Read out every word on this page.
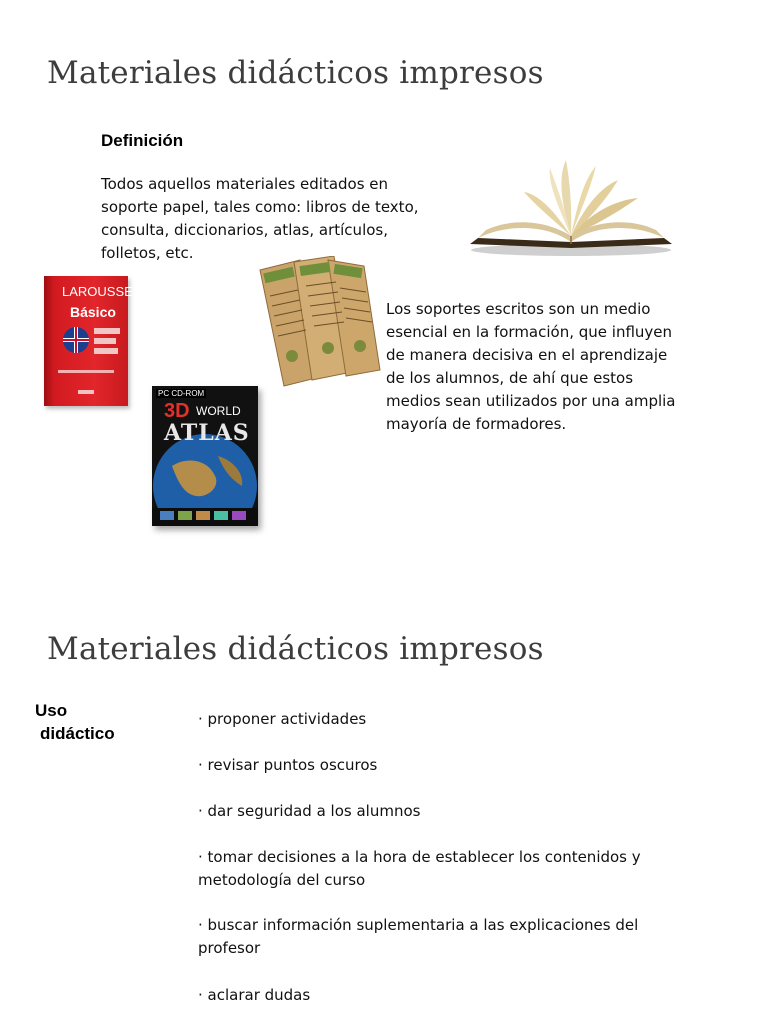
Materiales didácticos impresos
Definición
Todos aquellos materiales editados en soporte papel, tales como: libros de texto, consulta, diccionarios, atlas, artículos, folletos, etc.
LAROUSSE
Básico
PC CD-ROM
3D WORLD
ATLAS
Los soportes escritos son un medio esencial en la formación, que influyen de manera decisiva en el aprendizaje de los alumnos, de ahí que estos medios sean utilizados por una amplia mayoría de formadores.
Materiales didácticos impresos
Uso
didáctico
· proponer actividades
· revisar puntos oscuros
· dar seguridad a los alumnos
· tomar decisiones a la hora de establecer los contenidos y metodología del curso
· buscar información suplementaria a las explicaciones del profesor
· aclarar dudas
